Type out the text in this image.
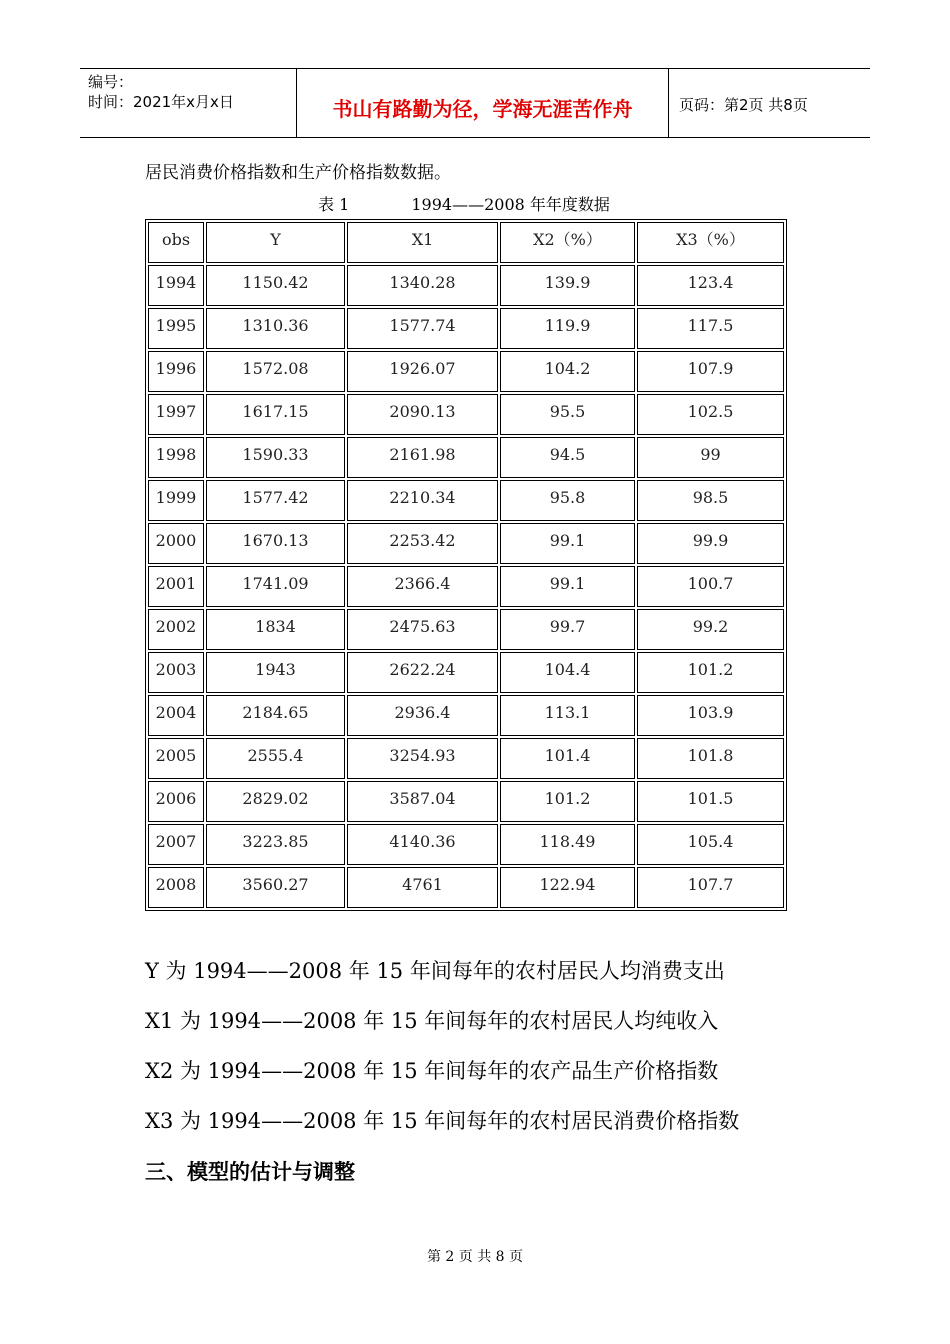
编号：
时间：2021年x月x日	书山有路勤为径，学海无涯苦作舟	页码：第2页 共8页
居民消费价格指数和生产价格指数数据。
表 1	1994——2008 年年度数据
obs	Y	X1	X2（%）	X3（%）
1994	1150.42	1340.28	139.9	123.4
1995	1310.36	1577.74	119.9	117.5
1996	1572.08	1926.07	104.2	107.9
1997	1617.15	2090.13	95.5	102.5
1998	1590.33	2161.98	94.5	99
1999	1577.42	2210.34	95.8	98.5
2000	1670.13	2253.42	99.1	99.9
2001	1741.09	2366.4	99.1	100.7
2002	1834	2475.63	99.7	99.2
2003	1943	2622.24	104.4	101.2
2004	2184.65	2936.4	113.1	103.9
2005	2555.4	3254.93	101.4	101.8
2006	2829.02	3587.04	101.2	101.5
2007	3223.85	4140.36	118.49	105.4
2008	3560.27	4761	122.94	107.7
Y 为 1994——2008 年 15 年间每年的农村居民人均消费支出
X1 为 1994——2008 年 15 年间每年的农村居民人均纯收入
X2 为 1994——2008 年 15 年间每年的农产品生产价格指数
X3 为 1994——2008 年 15 年间每年的农村居民消费价格指数
三、模型的估计与调整
第 2 页 共 8 页
